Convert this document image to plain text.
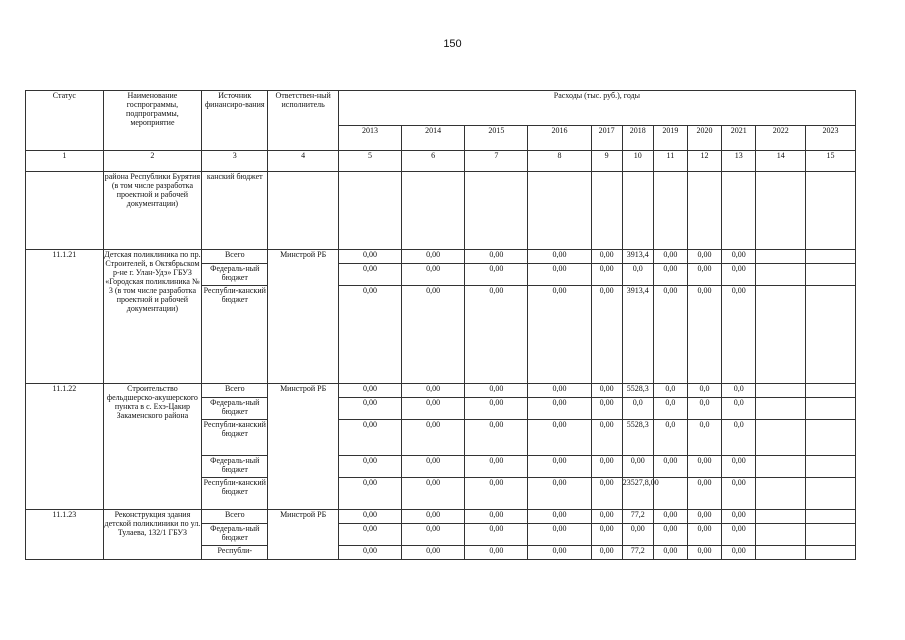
150
Статус	Наименование госпрограммы, подпрограммы, мероприятие	Источник финансиро-вания	Ответствен-ный исполнитель	Расходы (тыс. руб.), годы										
				2013	2014	2015	2016	2017	2018	2019	2020	2021	2022	2023
1	2	3	4	5	6	7	8	9	10	11	12	13	14	15
	района Республики Бурятия (в том числе разработка проектной и рабочей документации)	канский бюджет												
11.1.21	Детская поликлиника по пр. Строителей, в Октябрьском р-не г. Улан-Удэ» ГБУЗ «Городская поликлиника № 3 (в том числе разработка проектной и рабочей документации)	Всего	Минстрой РБ	0,00	0,00	0,00	0,00	0,00	3913,4	0,00	0,00	0,00		
		Федераль-ный бюджет		0,00	0,00	0,00	0,00	0,00	0,0	0,00	0,00	0,00		
		Республи-канский бюджет		0,00	0,00	0,00	0,00	0,00	3913,4	0,00	0,00	0,00		
11.1.22	Строительство фельдшерско-акушерского пункта в с. Ехэ-Цакир Закаменского района	Всего	Минстрой РБ	0,00	0,00	0,00	0,00	0,00	5528,3	0,0	0,0	0,0		
		Федераль-ный бюджет		0,00	0,00	0,00	0,00	0,00	0,0	0,0	0,0	0,0		
		Республи-канский бюджет		0,00	0,00	0,00	0,00	0,00	5528,3	0,0	0,0	0,0		
		Федераль-ный бюджет		0,00	0,00	0,00	0,00	0,00	0,00	0,00	0,00	0,00		
		Республи-канский бюджет		0,00	0,00	0,00	0,00	0,00	23527,8,00		0,00	0,00		
11.1.23	Реконструкция здания детской поликлиники по ул. Тулаева, 132/1 ГБУЗ	Всего	Минстрой РБ	0,00	0,00	0,00	0,00	0,00	77,2	0,00	0,00	0,00		
		Федераль-ный бюджет		0,00	0,00	0,00	0,00	0,00	0,00	0,00	0,00	0,00		
		Республи-		0,00	0,00	0,00	0,00	0,00	77,2	0,00	0,00	0,00		
